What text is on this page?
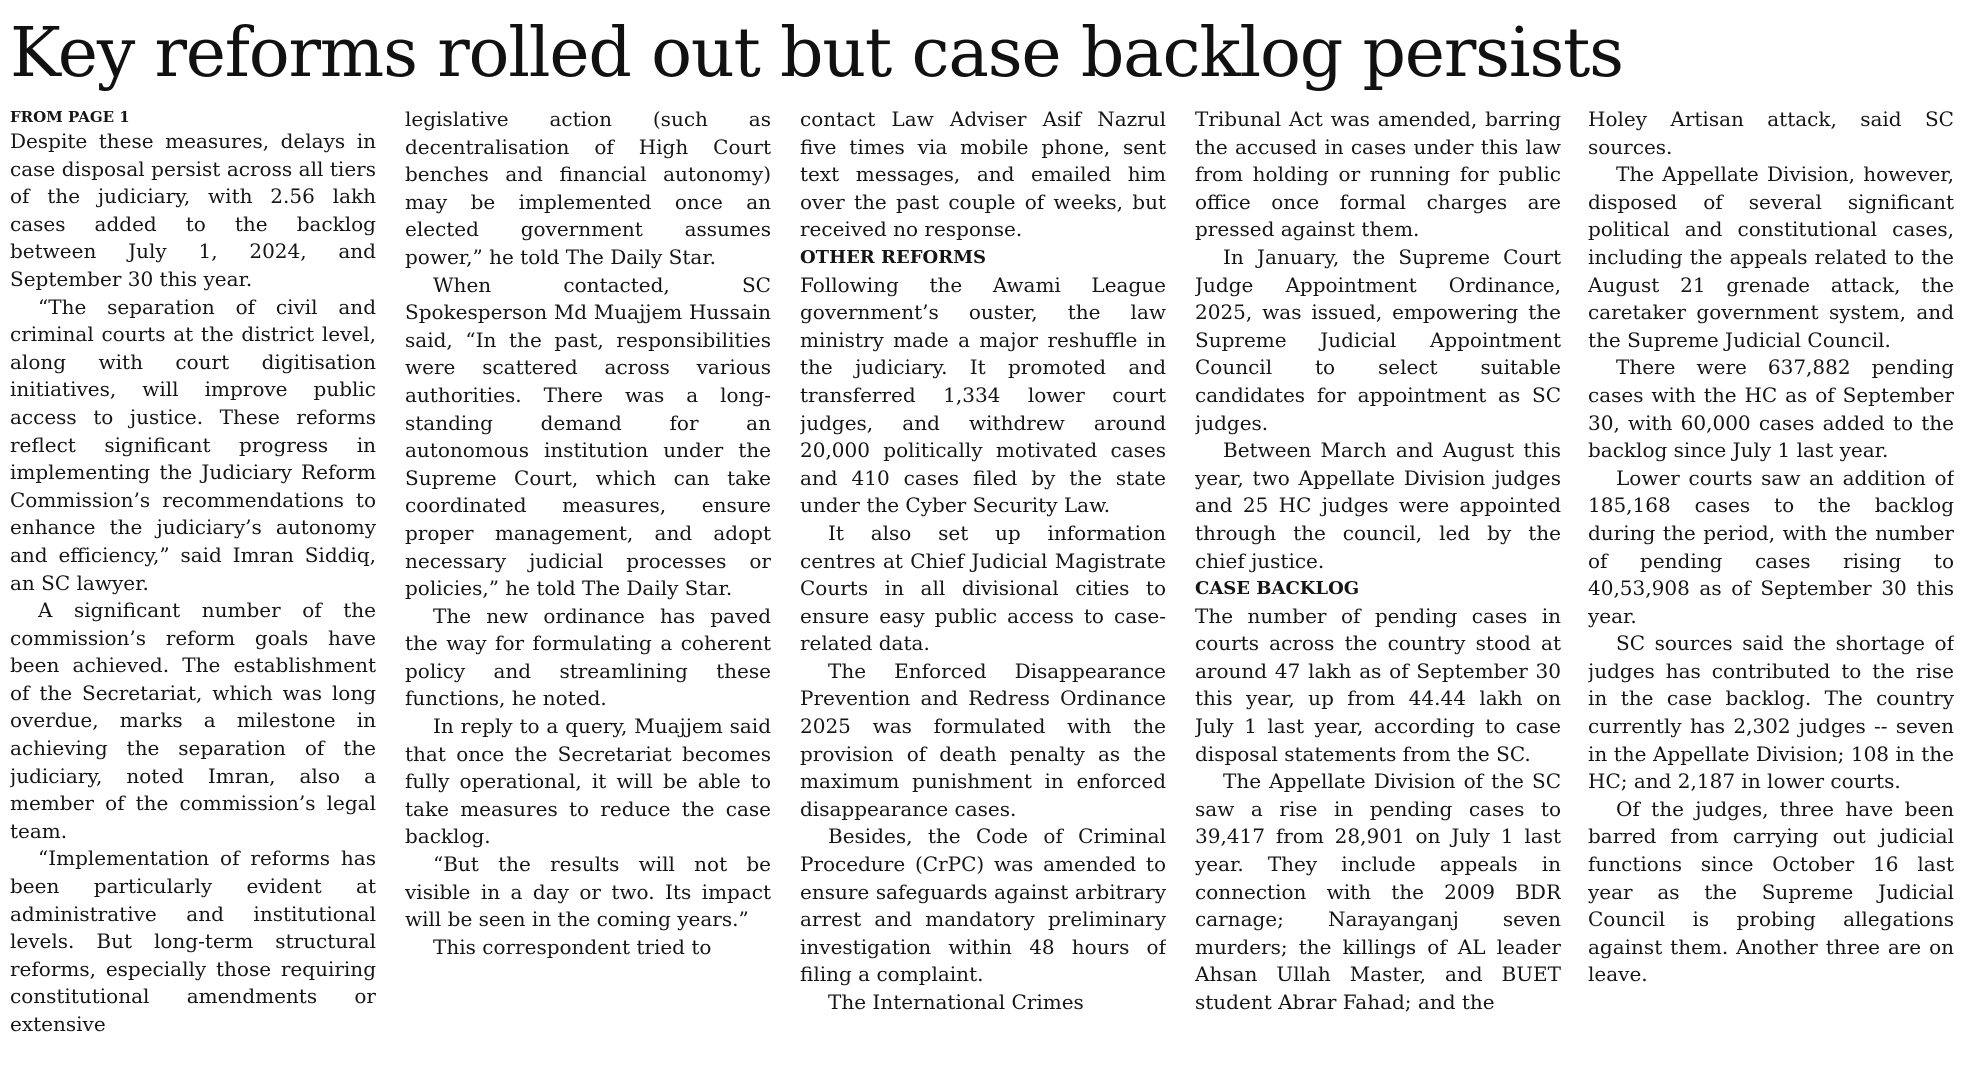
Key reforms rolled out but case backlog persists
FROM PAGE 1

Despite these measures, delays in case disposal persist across all tiers of the judiciary, with 2.56 lakh cases added to the backlog between July 1, 2024, and September 30 this year.

“The separation of civil and criminal courts at the district level, along with court digitisation initiatives, will improve public access to justice. These reforms reflect significant progress in implementing the Judiciary Reform Commission’s recommendations to enhance the judiciary’s autonomy and efficiency,” said Imran Siddiq, an SC lawyer.

A significant number of the commission’s reform goals have been achieved. The establishment of the Secretariat, which was long overdue, marks a milestone in achieving the separation of the judiciary, noted Imran, also a member of the commission’s legal team.

“Implementation of reforms has been particularly evident at administrative and institutional levels. But long-term structural reforms, especially those requiring constitutional amendments or extensive

legislative action (such as decentralisation of High Court benches and financial autonomy) may be implemented once an elected government assumes power,” he told The Daily Star.

When contacted, SC Spokesperson Md Muajjem Hussain said, “In the past, responsibilities were scattered across various authorities. There was a long-standing demand for an autonomous institution under the Supreme Court, which can take coordinated measures, ensure proper management, and adopt necessary judicial processes or policies,” he told The Daily Star.

The new ordinance has paved the way for formulating a coherent policy and streamlining these functions, he noted.

In reply to a query, Muajjem said that once the Secretariat becomes fully operational, it will be able to take measures to reduce the case backlog.

“But the results will not be visible in a day or two. Its impact will be seen in the coming years.”

This correspondent tried to

contact Law Adviser Asif Nazrul five times via mobile phone, sent text messages, and emailed him over the past couple of weeks, but received no response.

OTHER REFORMS

Following the Awami League government’s ouster, the law ministry made a major reshuffle in the judiciary. It promoted and transferred 1,334 lower court judges, and withdrew around 20,000 politically motivated cases and 410 cases filed by the state under the Cyber Security Law.

It also set up information centres at Chief Judicial Magistrate Courts in all divisional cities to ensure easy public access to case-related data.

The Enforced Disappearance Prevention and Redress Ordinance 2025 was formulated with the provision of death penalty as the maximum punishment in enforced disappearance cases.

Besides, the Code of Criminal Procedure (CrPC) was amended to ensure safeguards against arbitrary arrest and mandatory preliminary investigation within 48 hours of filing a complaint.

The International Crimes

Tribunal Act was amended, barring the accused in cases under this law from holding or running for public office once formal charges are pressed against them.

In January, the Supreme Court Judge Appointment Ordinance, 2025, was issued, empowering the Supreme Judicial Appointment Council to select suitable candidates for appointment as SC judges.

Between March and August this year, two Appellate Division judges and 25 HC judges were appointed through the council, led by the chief justice.

CASE BACKLOG

The number of pending cases in courts across the country stood at around 47 lakh as of September 30 this year, up from 44.44 lakh on July 1 last year, according to case disposal statements from the SC.

The Appellate Division of the SC saw a rise in pending cases to 39,417 from 28,901 on July 1 last year. They include appeals in connection with the 2009 BDR carnage; Narayanganj seven murders; the killings of AL leader Ahsan Ullah Master, and BUET student Abrar Fahad; and the

Holey Artisan attack, said SC sources.

The Appellate Division, however, disposed of several significant political and constitutional cases, including the appeals related to the August 21 grenade attack, the caretaker government system, and the Supreme Judicial Council.

There were 637,882 pending cases with the HC as of September 30, with 60,000 cases added to the backlog since July 1 last year.

Lower courts saw an addition of 185,168 cases to the backlog during the period, with the number of pending cases rising to 40,53,908 as of September 30 this year.

SC sources said the shortage of judges has contributed to the rise in the case backlog. The country currently has 2,302 judges -- seven in the Appellate Division; 108 in the HC; and 2,187 in lower courts.

Of the judges, three have been barred from carrying out judicial functions since October 16 last year as the Supreme Judicial Council is probing allegations against them. Another three are on leave.
